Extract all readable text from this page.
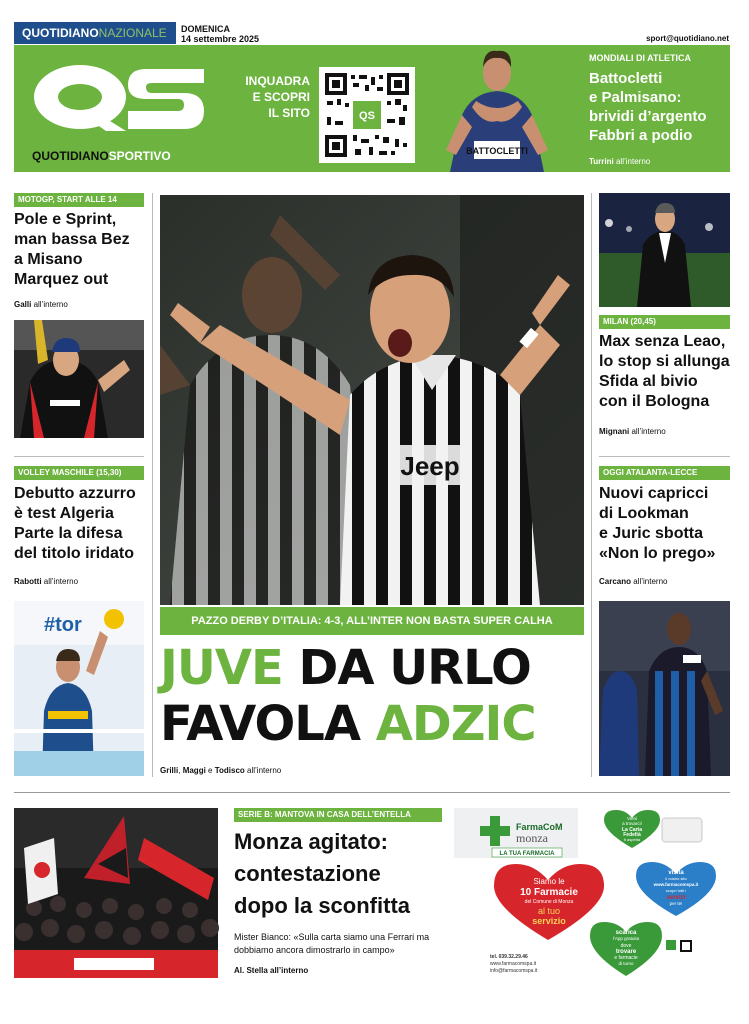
QUOTIDIANONAZIONALE	DOMENICA
14 settembre 2025	sport@quotidiano.net
QS
QUOTIDIANOSPORTIVO
INQUADRA
E SCOPRI
IL SITO	QS
BATTOCLETTI
MONDIALI DI ATLETICA
Battocletti
e Palmisano:
brividi d’argento
Fabbri a podio
Turrini all’interno
MOTOGP, START ALLE 14
Pole e Sprint,
man bassa Bez
a Misano
Marquez out
Galli all’interno
VOLLEY MASCHILE (15,30)
Debutto azzurro
è test Algeria
Parte la difesa
del titolo iridato
Rabotti all’interno
#tor
Jeep
PAZZO DERBY D’ITALIA: 4-3, ALL’INTER NON BASTA SUPER CALHA
JUVE DA URLO
FAVOLA ADZIC
Grilli, Maggi e Todisco all’interno
MILAN (20,45)
Max senza Leao,
lo stop si allunga
Sfida al bivio
con il Bologna
Mignani all’interno
OGGI ATALANTA-LECCE
Nuovi capricci
di Lookman
e Juric sbotta
«Non lo prego»
Carcano all’interno
SERIE B: MANTOVA IN CASA DELL’ENTELLA
Monza agitato:
contestazione
dopo la sconfitta
Mister Bianco: «Sulla carta siamo una Ferrari ma dobbiamo ancora dimostrarlo in campo»
Al. Stella all’interno
FarmaCoM
monza
LA TUA FARMACIA
Siamo le
10 Farmacie
del Comune di Monza
al tuo
servizio
Vieni
a trovarci!
La Carta
Fedeltà
ti aspetta
visita
il nostro sito
www.farmacomspa.it
scopri tutti i
servizi
per te!
scarica
l’App gratuita
dove
trovare
e farmacie
di turno
tel. 039.32.29.46
www.farmacomspa.it
info@farmacomspa.it
